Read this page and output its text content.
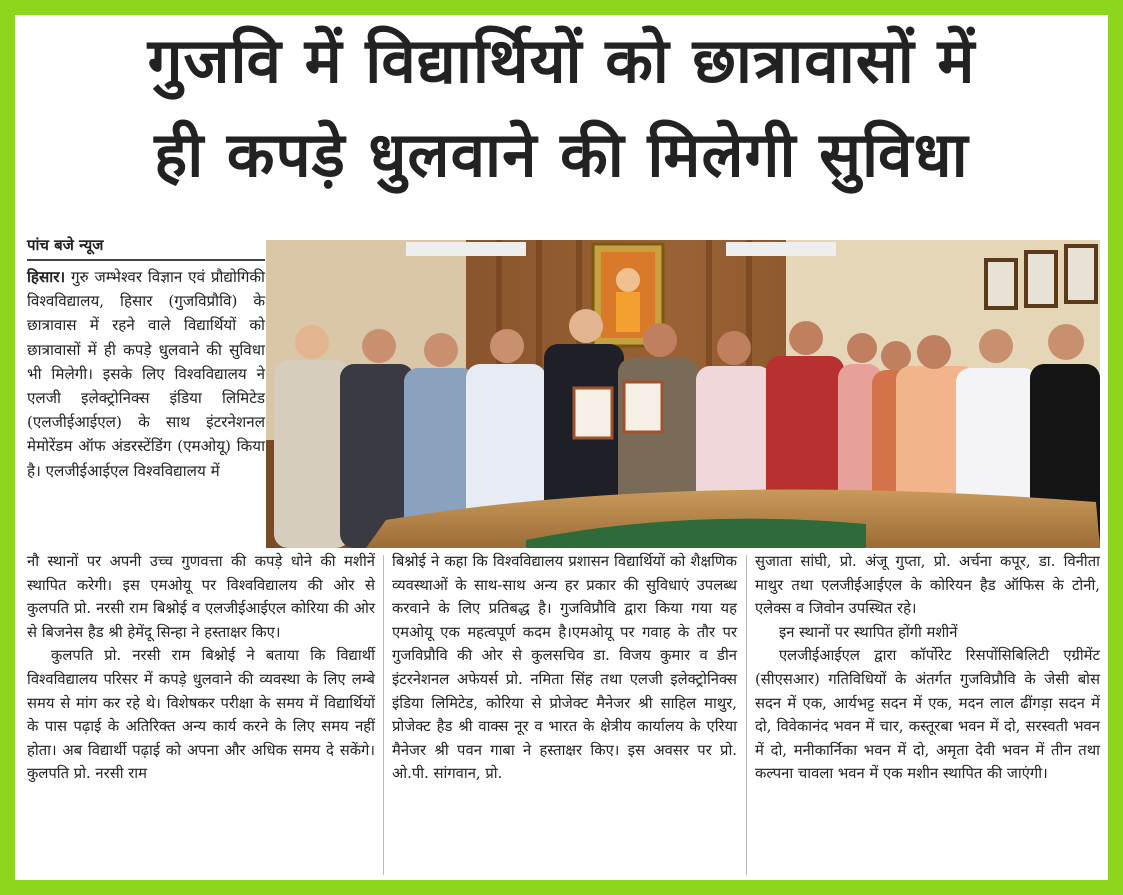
गुजवि में विद्यार्थियों को छात्रावासों में
ही कपड़े धुलवाने की मिलेगी सुविधा
पांच बजे न्यूज
हिसार। गुरु जम्भेश्वर विज्ञान एवं प्रौद्योगिकी विश्वविद्यालय, हिसार (गुजविप्रौवि) के छात्रावास में रहने वाले विद्यार्थियों को छात्रावासों में ही कपड़े धुलवाने की सुविधा भी मिलेगी। इसके लिए विश्वविद्यालय ने एलजी इलेक्ट्रोनिक्स इंडिया लिमिटेड (एलजीईआईएल) के साथ इंटरनेशनल मेमोरेंडम ऑफ अंडरस्टेंडिंग (एमओयू) किया है। एलजीईआईएल विश्वविद्यालय में

नौ स्थानों पर अपनी उच्च गुणवत्ता की कपड़े धोने की मशीनें स्थापित करेगी। इस एमओयू पर विश्वविद्यालय की ओर से कुलपति प्रो. नरसी राम बिश्नोई व एलजीईआईएल कोरिया की ओर से बिजनेस हैड श्री हेमेंदू सिन्हा ने हस्ताक्षर किए।

कुलपति प्रो. नरसी राम बिश्नोई ने बताया कि विद्यार्थी विश्वविद्यालय परिसर में कपड़े धुलवाने की व्यवस्था के लिए लम्बे समय से मांग कर रहे थे। विशेषकर परीक्षा के समय में विद्यार्थियों के पास पढ़ाई के अतिरिक्त अन्य कार्य करने के लिए समय नहीं होता। अब विद्यार्थी पढ़ाई को अपना और अधिक समय दे सकेंगे। कुलपति प्रो. नरसी राम

बिश्नोई ने कहा कि विश्वविद्यालय प्रशासन विद्यार्थियों को शैक्षणिक व्यवस्थाओं के साथ-साथ अन्य हर प्रकार की सुविधाएं उपलब्ध करवाने के लिए प्रतिबद्ध है। गुजविप्रौवि द्वारा किया गया यह एमओयू एक महत्वपूर्ण कदम है।एमओयू पर गवाह के तौर पर गुजविप्रौवि की ओर से कुलसचिव डा. विजय कुमार व डीन इंटरनेशनल अफेयर्स प्रो. नमिता सिंह तथा एलजी इलेक्ट्रोनिक्स इंडिया लिमिटेड, कोरिया से प्रोजेक्ट मैनेजर श्री साहिल माथुर, प्रोजेक्ट हैड श्री वाक्स नूर व भारत के क्षेत्रीय कार्यालय के एरिया मैनेजर श्री पवन गाबा ने हस्ताक्षर किए। इस अवसर पर प्रो. ओ.पी. सांगवान, प्रो.

सुजाता सांघी, प्रो. अंजू गुप्ता, प्रो. अर्चना कपूर, डा. विनीता माथुर तथा एलजीईआईएल के कोरियन हैड ऑफिस के टोनी, एलेक्स व जिवोन उपस्थित रहे।

इन स्थानों पर स्थापित होंगी मशीनें

एलजीईआईएल द्वारा कॉर्पोरेट रिसपोंसिबिलिटी एग्रीमेंट (सीएसआर) गतिविधियों के अंतर्गत गुजविप्रौवि के जेसी बोस सदन में एक, आर्यभट्ट सदन में एक, मदन लाल ढींगड़ा सदन में दो, विवेकानंद भवन में चार, कस्तूरबा भवन में दो, सरस्वती भवन में दो, मनीकार्निका भवन में दो, अमृता देवी भवन में तीन तथा कल्पना चावला भवन में एक मशीन स्थापित की जाएंगी।
